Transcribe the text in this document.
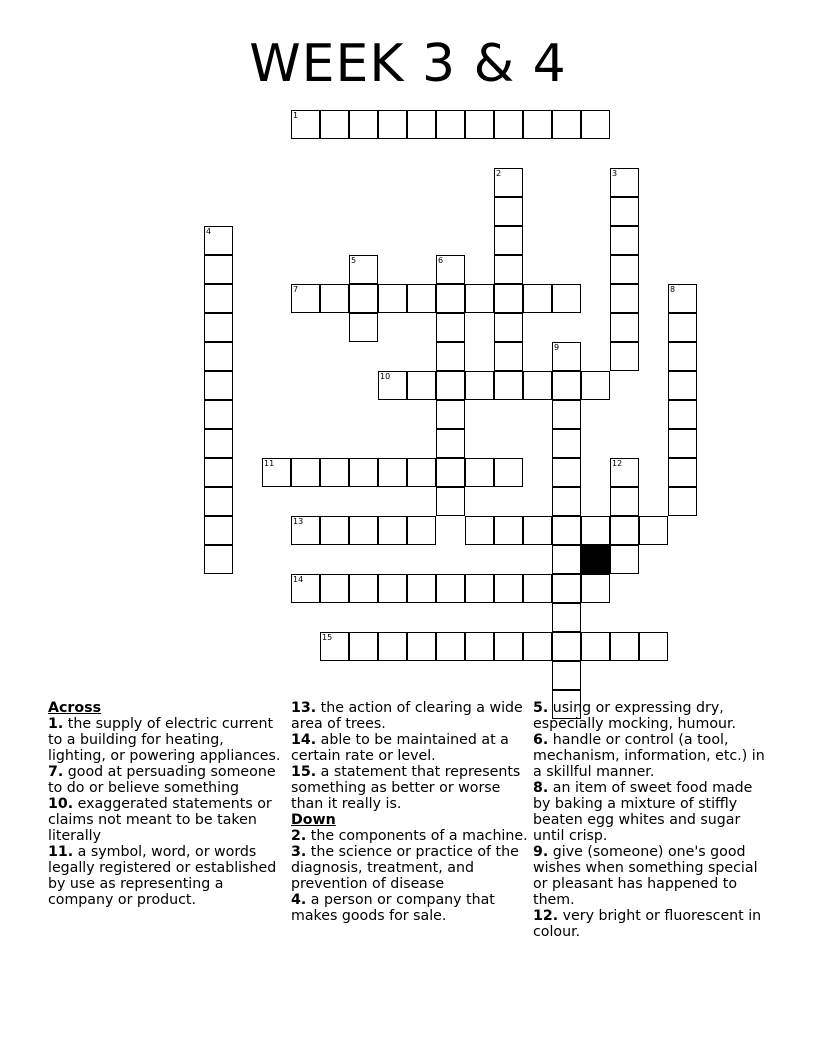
WEEK 3 & 4
1
2	3
4
5	6
7	8
9
10
11	12
13
14
15
Across

1. the supply of electric current to a building for heating, lighting, or powering appliances.

7. good at persuading someone to do or believe something

10. exaggerated statements or claims not meant to be taken literally

11. a symbol, word, or words legally registered or established by use as representing a company or product.

13. the action of clearing a wide area of trees.

14. able to be maintained at a certain rate or level.

15. a statement that represents something as better or worse than it really is.

Down

2. the components of a machine.

3. the science or practice of the diagnosis, treatment, and prevention of disease

4. a person or company that makes goods for sale.

5. using or expressing dry, especially mocking, humour.

6. handle or control (a tool, mechanism, information, etc.) in a skillful manner.

8. an item of sweet food made by baking a mixture of stiffly beaten egg whites and sugar until crisp.

9. give (someone) one's good wishes when something special or pleasant has happened to them.

12. very bright or fluorescent in colour.
